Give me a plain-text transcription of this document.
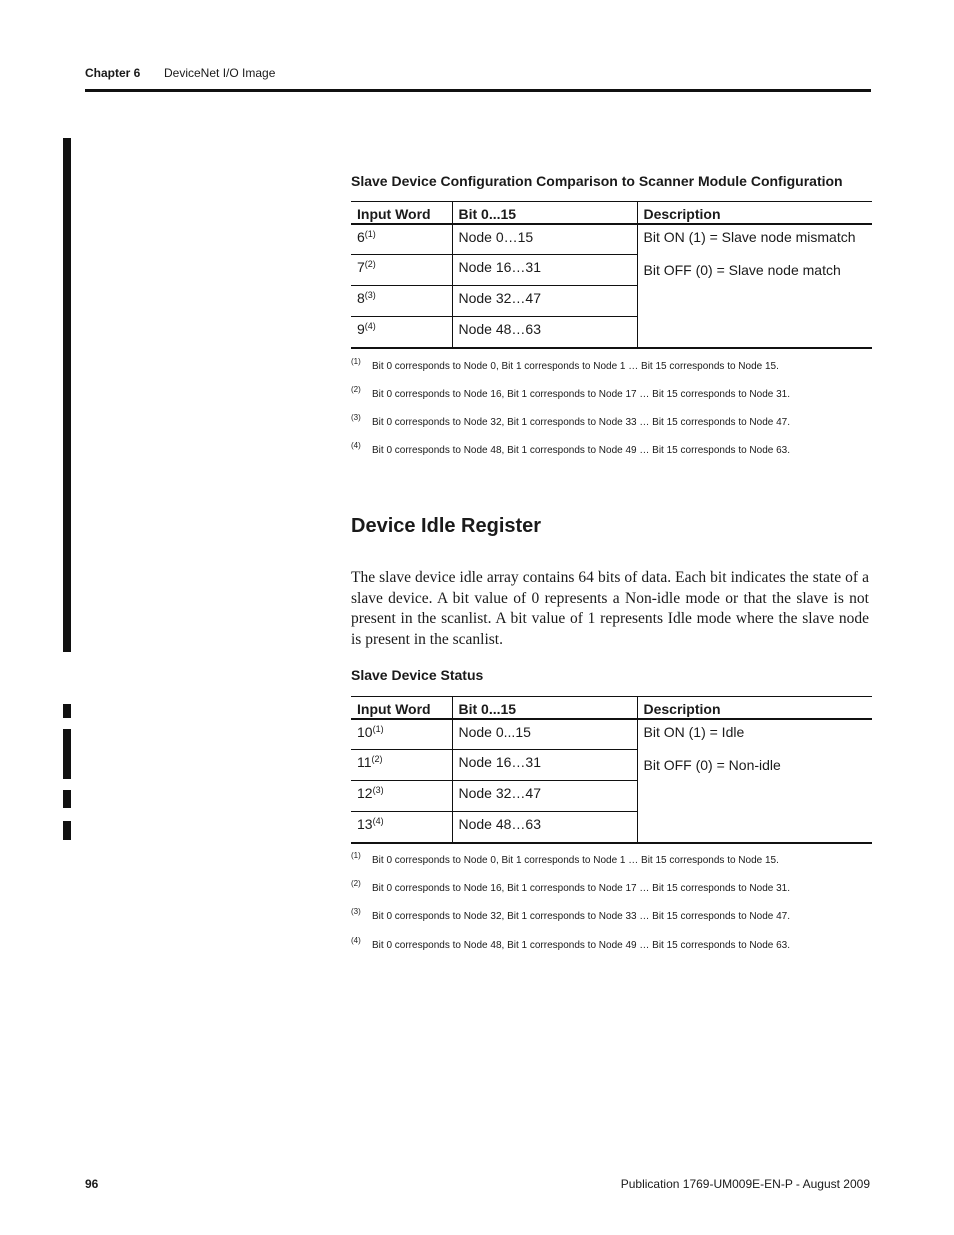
Chapter 6 DeviceNet I/O Image
Slave Device Configuration Comparison to Scanner Module Configuration
Input Word	Bit 0...15	Description
6$^{(1)}$	Node 0…15	Bit ON (1) = Slave node mismatch
Bit OFF (0) = Slave node match

7$^{(2)}$	Node 16…31	
8$^{(3)}$	Node 32…47	
9$^{(4)}$	Node 48…63	
(1) Bit 0 corresponds to Node 0, Bit 1 corresponds to Node 1 … Bit 15 corresponds to Node 15.
(2) Bit 0 corresponds to Node 16, Bit 1 corresponds to Node 17 … Bit 15 corresponds to Node 31.
(3) Bit 0 corresponds to Node 32, Bit 1 corresponds to Node 33 … Bit 15 corresponds to Node 47.
(4) Bit 0 corresponds to Node 48, Bit 1 corresponds to Node 49 … Bit 15 corresponds to Node 63.
Device Idle Register
The slave device idle array contains 64 bits of data. Each bit indicates the state of a slave device. A bit value of 0 represents a Non-idle mode or that the slave is not present in the scanlist. A bit value of 1 represents Idle mode where the slave node is present in the scanlist.
Slave Device Status
Input Word	Bit 0...15	Description
10$^{(1)}$	Node 0...15	Bit ON (1) = Idle
Bit OFF (0) = Non-idle

11$^{(2)}$	Node 16…31	
12$^{(3)}$	Node 32…47	
13$^{(4)}$	Node 48…63	
(1) Bit 0 corresponds to Node 0, Bit 1 corresponds to Node 1 … Bit 15 corresponds to Node 15.
(2) Bit 0 corresponds to Node 16, Bit 1 corresponds to Node 17 … Bit 15 corresponds to Node 31.
(3) Bit 0 corresponds to Node 32, Bit 1 corresponds to Node 33 … Bit 15 corresponds to Node 47.
(4) Bit 0 corresponds to Node 48, Bit 1 corresponds to Node 49 … Bit 15 corresponds to Node 63.
96	Publication 1769-UM009E-EN-P - August 2009
